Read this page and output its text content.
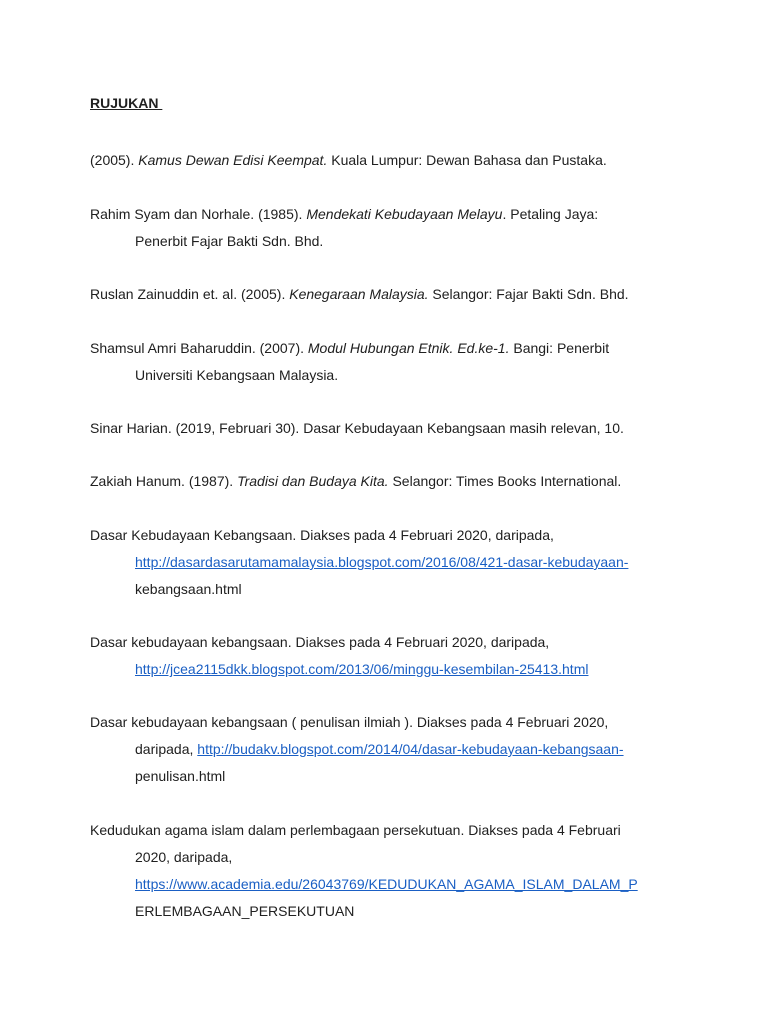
RUJUKAN
(2005). Kamus Dewan Edisi Keempat. Kuala Lumpur: Dewan Bahasa dan Pustaka.
Rahim Syam dan Norhale. (1985). Mendekati Kebudayaan Melayu. Petaling Jaya:
Penerbit Fajar Bakti Sdn. Bhd.
Ruslan Zainuddin et. al. (2005). Kenegaraan Malaysia. Selangor: Fajar Bakti Sdn. Bhd.
Shamsul Amri Baharuddin. (2007). Modul Hubungan Etnik. Ed.ke-1. Bangi: Penerbit
Universiti Kebangsaan Malaysia.
Sinar Harian. (2019, Februari 30). Dasar Kebudayaan Kebangsaan masih relevan, 10.
Zakiah Hanum. (1987). Tradisi dan Budaya Kita. Selangor: Times Books International.
Dasar Kebudayaan Kebangsaan. Diakses pada 4 Februari 2020, daripada,
http://dasardasarutamamalaysia.blogspot.com/2016/08/421-dasar-kebudayaan-
kebangsaan.html
Dasar kebudayaan kebangsaan. Diakses pada 4 Februari 2020, daripada,
http://jcea2115dkk.blogspot.com/2013/06/minggu-kesembilan-25413.html
Dasar kebudayaan kebangsaan ( penulisan ilmiah ). Diakses pada 4 Februari 2020,
daripada, http://budakv.blogspot.com/2014/04/dasar-kebudayaan-kebangsaan-
penulisan.html
Kedudukan agama islam dalam perlembagaan persekutuan. Diakses pada 4 Februari
2020, daripada,
https://www.academia.edu/26043769/KEDUDUKAN_AGAMA_ISLAM_DALAM_P
ERLEMBAGAAN_PERSEKUTUAN
